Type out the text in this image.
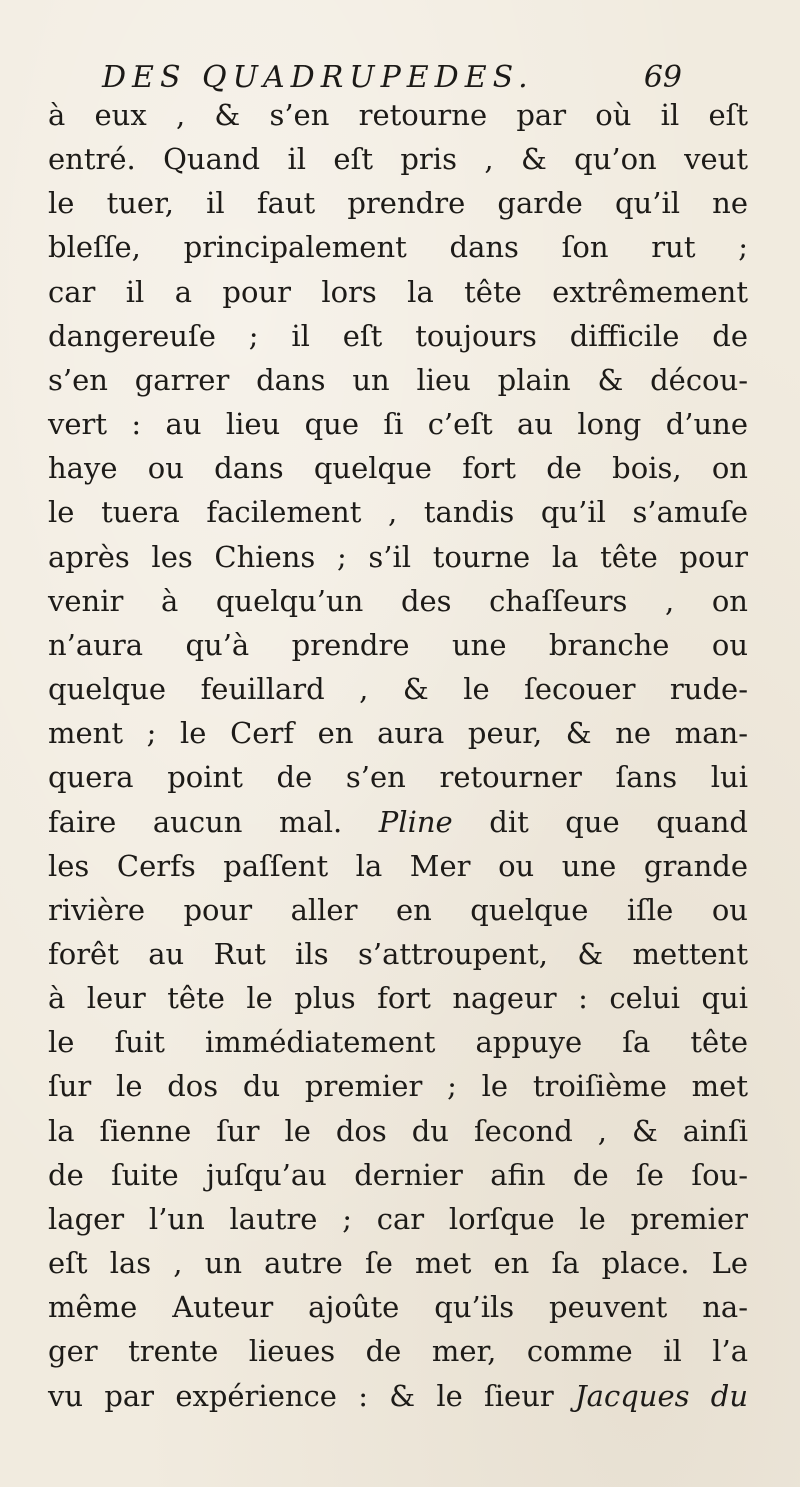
DES QUADRUPEDES.	69
à eux , & s’en retourne par où il eſt
entré. Quand il eſt pris , & qu’on veut
le tuer, il faut prendre garde qu’il ne
bleſſe, principalement dans ſon rut ;
car il a pour lors la tête extrêmement
dangereuſe ; il eſt toujours difficile de
s’en garrer dans un lieu plain & décou-
vert : au lieu que ſi c’eſt au long d’une
haye ou dans quelque fort de bois, on
le tuera facilement , tandis qu’il s’amuſe
après les Chiens ; s’il tourne la tête pour
venir à quelqu’un des chaſſeurs , on
n’aura qu’à prendre une branche ou
quelque feuillard , & le ſecouer rude-
ment ; le Cerf en aura peur, & ne man-
quera point de s’en retourner ſans lui
faire aucun mal. Pline dit que quand
les Cerfs paſſent la Mer ou une grande
rivière pour aller en quelque iſle ou
forêt au Rut ils s’attroupent, & mettent
à leur tête le plus fort nageur : celui qui
le ſuit immédiatement appuye ſa tête
ſur le dos du premier ; le troiſième met
la ſienne ſur le dos du ſecond , & ainſi
de ſuite juſqu’au dernier afin de ſe ſou-
lager l’un lautre ; car lorſque le premier
eſt las , un autre ſe met en ſa place. Le
même Auteur ajoûte qu’ils peuvent na-
ger trente lieues de mer, comme il l’a
vu par expérience : & le ſieur Jacques du
